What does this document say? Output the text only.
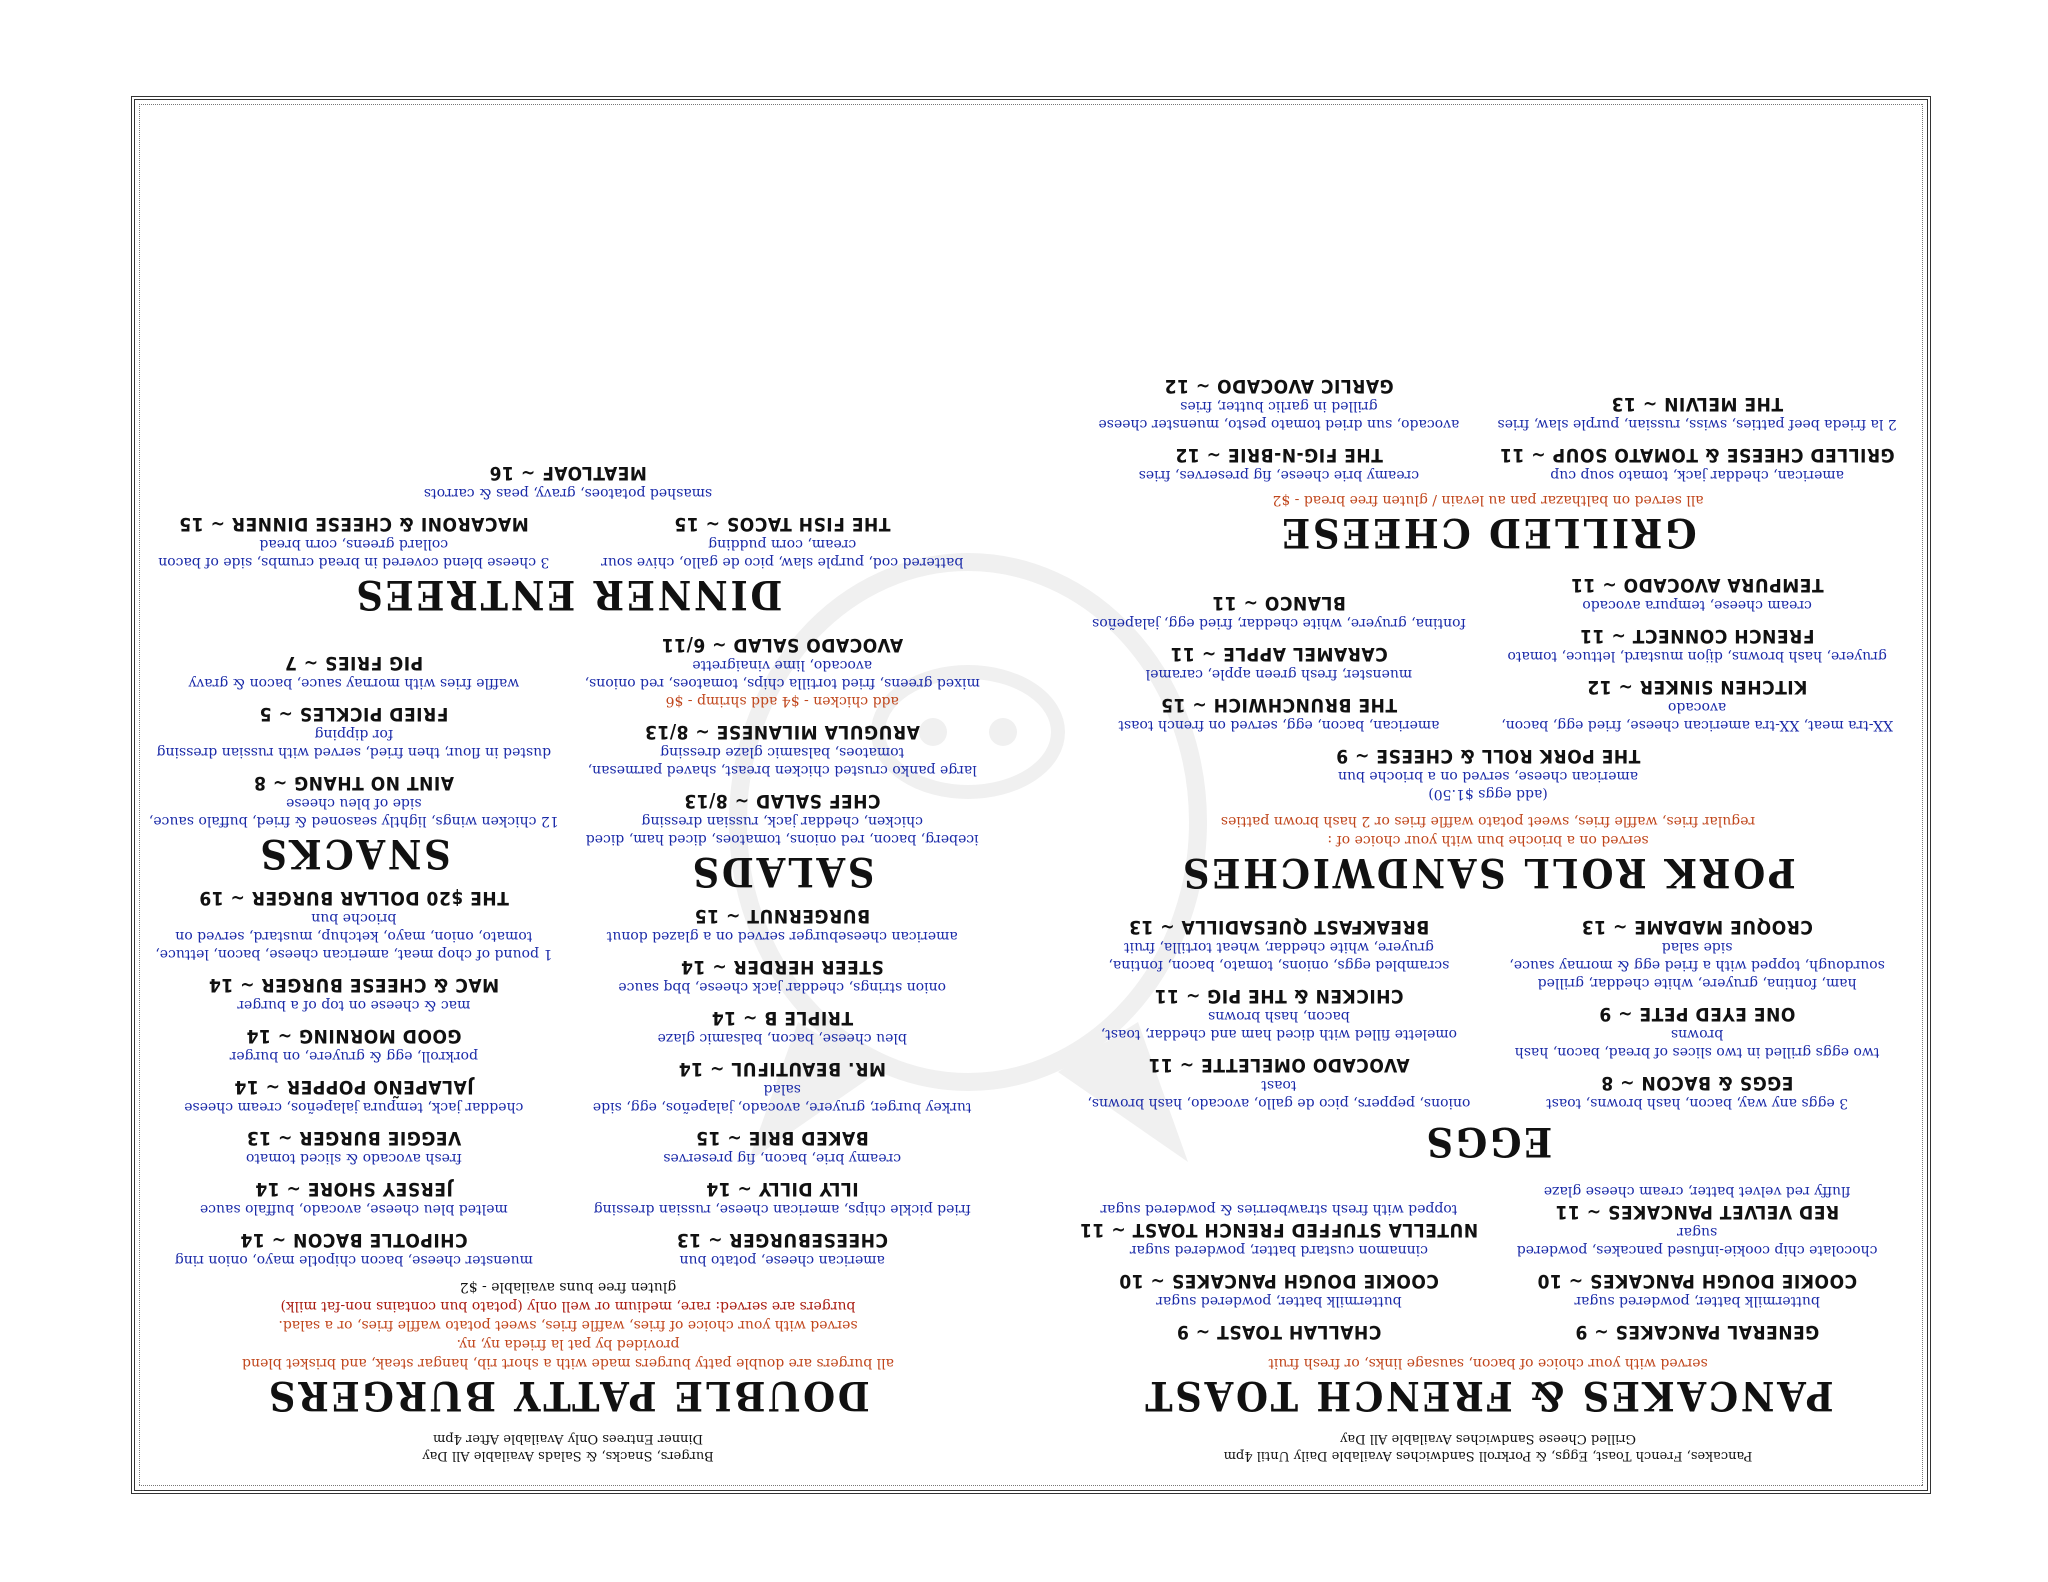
Pancakes, French Toast, Eggs, & Porkroll Sandwiches Available Daily Until 4pm
Grilled Cheese Sandwiches Available All Day
PANCAKES & FRENCH TOAST
served with your choice of bacon, sausage links, or fresh fruit
GENERAL PANCAKES ~ 9
buttermilk batter, powdered sugar
COOKIE DOUGH PANCAKES ~ 10
chocolate chip cookie-infused pancakes, powdered sugar
RED VELVET PANCAKES ~ 11
fluffy red velvet batter, cream cheese glaze
CHALLAH TOAST ~ 9
buttermilk batter, powdered sugar
COOKIE DOUGH PANCAKES ~ 10
cinnamon custard batter, powdered sugar
NUTELLA STUFFED FRENCH TOAST ~ 11
topped with fresh strawberries & powdered sugar
EGGS
3 eggs any way, bacon, hash browns, toast
EGGS & BACON ~ 8
two eggs grilled in two slices of bread, bacon, hash browns
ONE EYED PETE ~ 9
ham, fontina, gruyere, white cheddar, grilled sourdough, topped with a fried egg & mornay sauce, side salad
CROQUE MADAME ~ 13
onions, peppers, pico de gallo, avocado, hash browns, toast
AVOCADO OMELETTE ~ 11
omelette filled with diced ham and cheddar, toast, bacon, hash browns
CHICKEN & THE PIG ~ 11
scrambled eggs, onions, tomato, bacon, fontina, gruyere, white cheddar, wheat tortilla, fruit
BREAKFAST QUESADILLA ~ 13
PORK ROLL SANDWICHES
served on a brioche bun with your choice of :
regular fries, waffle fries, sweet potato waffle fries or 2 hash brown patties
(add eggs $1.50)
american cheese, served on a brioche bun
THE PORK ROLL & CHEESE ~ 9
XX-tra meat, XX-tra american cheese, fried egg, bacon, avocado
KITCHEN SINKER ~ 12
gruyere, hash browns, dijon mustard, lettuce, tomato
FRENCH CONNECT ~ 11
cream cheese, tempura avocado
TEMPURA AVOCADO ~ 11
american, bacon, egg, served on french toast
THE BRUNCHWICH ~ 15
muenster, fresh green apple, caramel
CARAMEL APPLE ~ 11
fontina, gruyere, white cheddar, fried egg, jalapeños
BLANCO ~ 11
GRILLED CHEESE
all served on balthazar pan au levain / gluten free bread - $2
american, cheddar jack, tomato soup cup
GRILLED CHEESE & TOMATO SOUP ~ 11
2 la frieda beef patties, swiss, russian, purple slaw, fries
THE MELVIN ~ 13
creamy brie cheese, fig preserves, fries
THE FIG-N-BRIE ~ 12
avocado, sun dried tomato pesto, muenster cheese grilled in garlic butter, fries
GARLIC AVOCADO ~ 12
Burgers, Snacks, & Salads Available All Day
Dinner Entrees Only Available After 4pm
DOUBLE PATTY BURGERS
all burgers are double patty burgers made with a short rib, hangar steak, and brisket blend
provided by pat la frieda ny, ny.
served with your choice of fries, waffle fries, sweet potato waffle fries, or a salad.
burgers are served: rare, medium or well only (potato bun contains non-fat milk)
gluten free buns available - $2
american cheese, potato bun
CHEESEBURGER ~ 13
fried pickle chips, american cheese, russian dressing
ILLY DILLY ~ 14
creamy brie, bacon, fig preserves
BAKED BRIE ~ 15
turkey burger, gruyere, avocado, jalapeños, egg, side salad
MR. BEAUTIFUL ~ 14
bleu cheese, bacon, balsamic glaze
TRIPLE B ~ 14
onion strings, cheddar jack cheese, bbq sauce
STEER HERDER ~ 14
american cheeseburger served on a glazed donut
BURGERNUT ~ 15
SALADS
iceberg, bacon, red onions, tomatoes, diced ham, diced chicken, cheddar jack, russian dressing
CHEF SALAD ~ 8/13
large panko crusted chicken breast, shaved parmesan, tomatoes, balsamic glaze dressing
ARUGULA MILANESE ~ 8/13
add chicken - $4 add shrimp - $6
mixed greens, fried tortilla chips, tomatoes, red onions, avocado, lime vinaigrette
AVOCADO SALAD ~ 6/11
muenster cheese, bacon chipotle mayo, onion ring
CHIPOTLE BACON ~ 14
melted bleu cheese, avocado, buffalo sauce
JERSEY SHORE ~ 14
fresh avocado & sliced tomato
VEGGIE BURGER ~ 13
cheddar jack, tempura jalapeños, cream cheese
JALAPEÑO POPPER ~ 14
porkroll, egg & gruyere, on burger
GOOD MORNING ~ 14
mac & cheese on top of a burger
MAC & CHEESE BURGER ~ 14
1 pound of chop meat, american cheese, bacon, lettuce, tomato, onion, mayo, ketchup, mustard, served on brioche bun
THE $20 DOLLAR BURGER ~ 19
SNACKS
12 chicken wings, lightly seasoned & fried, buffalo sauce, side of bleu cheese
AINT NO THANG ~ 8
dusted in flour, then fried, served with russian dressing for dipping
FRIED PICKLES ~ 5
waffle fries with mornay sauce, bacon & gravy
PIG FRIES ~ 7
DINNER ENTREES
battered cod, purple slaw, pico de gallo, chive sour cream, corn pudding
THE FISH TACOS ~ 15
3 cheese blend covered in bread crumbs, side of bacon collard greens, corn bread
MACARONI & CHEESE DINNER ~ 15
smashed potatoes, gravy, peas & carrots
MEATLOAF ~ 16
